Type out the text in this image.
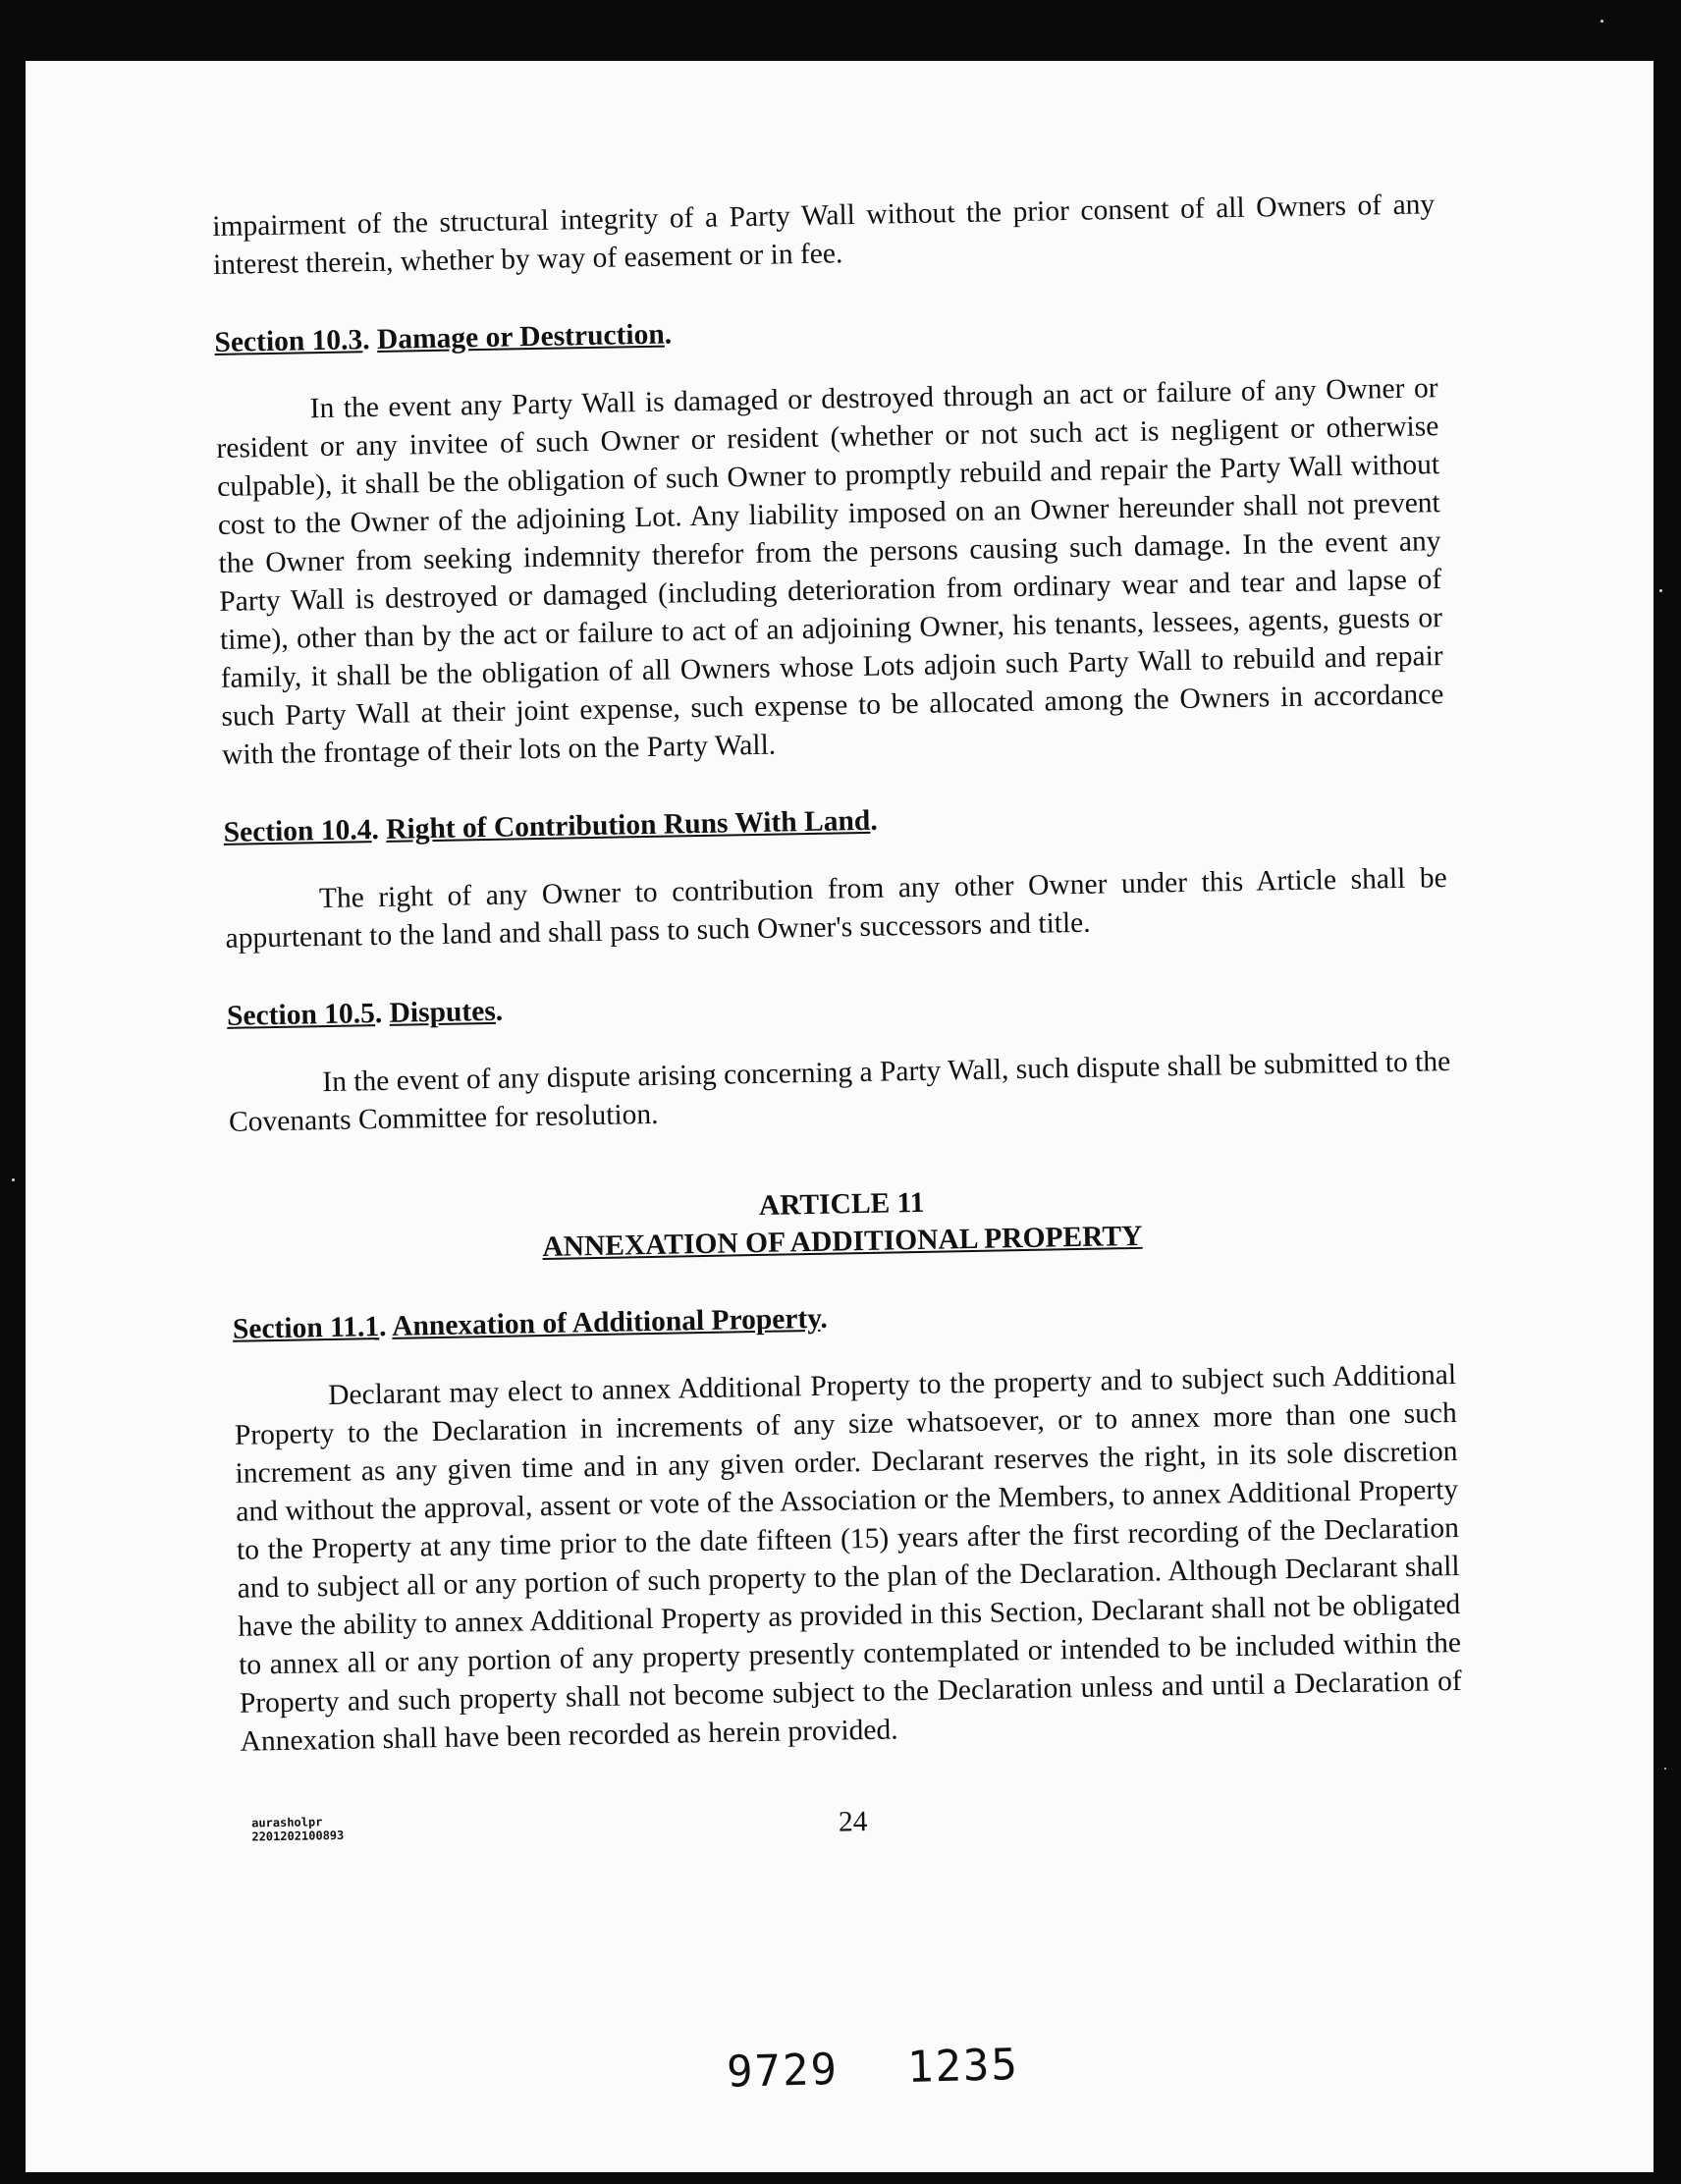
impairment of the structural integrity of a Party Wall without the prior consent of all Owners of any interest therein, whether by way of easement or in fee.

Section 10.3. Damage or Destruction.

In the event any Party Wall is damaged or destroyed through an act or failure of any Owner or resident or any invitee of such Owner or resident (whether or not such act is negligent or otherwise culpable), it shall be the obligation of such Owner to promptly rebuild and repair the Party Wall without cost to the Owner of the adjoining Lot. Any liability imposed on an Owner hereunder shall not prevent the Owner from seeking indemnity therefor from the persons causing such damage. In the event any Party Wall is destroyed or damaged (including deterioration from ordinary wear and tear and lapse of time), other than by the act or failure to act of an adjoining Owner, his tenants, lessees, agents, guests or family, it shall be the obligation of all Owners whose Lots adjoin such Party Wall to rebuild and repair such Party Wall at their joint expense, such expense to be allocated among the Owners in accordance with the frontage of their lots on the Party Wall.

Section 10.4. Right of Contribution Runs With Land.

The right of any Owner to contribution from any other Owner under this Article shall be appurtenant to the land and shall pass to such Owner's successors and title.

Section 10.5. Disputes.

In the event of any dispute arising concerning a Party Wall, such dispute shall be submitted to the Covenants Committee for resolution.

ARTICLE 11
ANNEXATION OF ADDITIONAL PROPERTY
Section 11.1. Annexation of Additional Property.

Declarant may elect to annex Additional Property to the property and to subject such Additional Property to the Declaration in increments of any size whatsoever, or to annex more than one such increment as any given time and in any given order. Declarant reserves the right, in its sole discretion and without the approval, assent or vote of the Association or the Members, to annex Additional Property to the Property at any time prior to the date fifteen (15) years after the first recording of the Declaration and to subject all or any portion of such property to the plan of the Declaration. Although Declarant shall have the ability to annex Additional Property as provided in this Section, Declarant shall not be obligated to annex all or any portion of any property presently contemplated or intended to be included within the Property and such property shall not become subject to the Declaration unless and until a Declaration of Annexation shall have been recorded as herein provided.

aurasholpr
2201202100893	24
9729 1235
